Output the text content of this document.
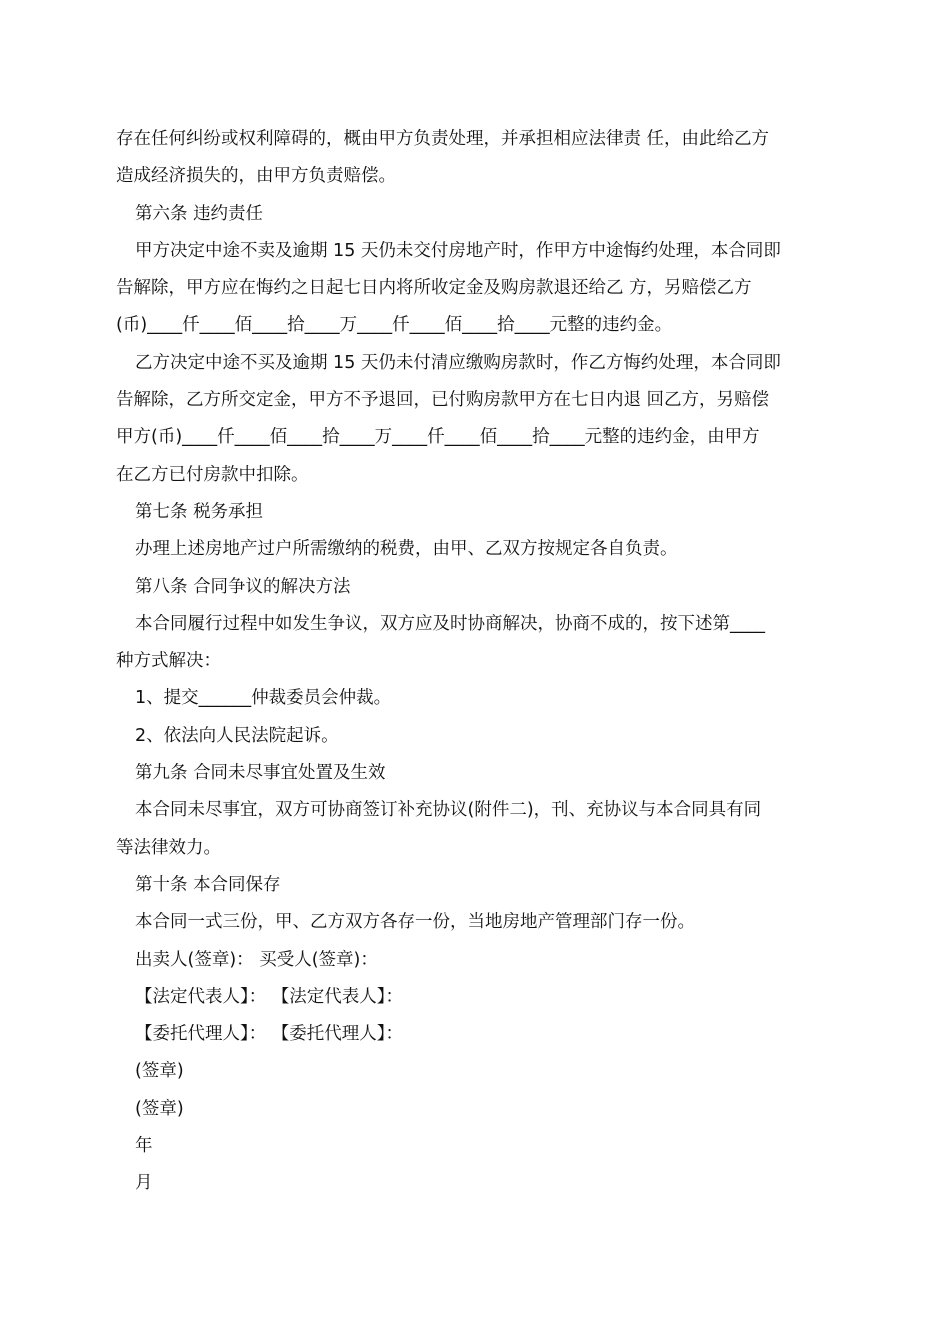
存在任何纠纷或权利障碍的，概由甲方负责处理，并承担相应法律责 任，由此给乙方
造成经济损失的，由甲方负责赔偿。
第六条 违约责任
甲方决定中途不卖及逾期 15 天仍未交付房地产时，作甲方中途悔约处理，本合同即
告解除，甲方应在悔约之日起七日内将所收定金及购房款退还给乙 方，另赔偿乙方
(币)____仟____佰____拾____万____仟____佰____拾____元整的违约金。
乙方决定中途不买及逾期 15 天仍未付清应缴购房款时，作乙方悔约处理，本合同即
告解除，乙方所交定金，甲方不予退回，已付购房款甲方在七日内退 回乙方，另赔偿
甲方(币)____仟____佰____拾____万____仟____佰____拾____元整的违约金，由甲方
在乙方已付房款中扣除。
第七条 税务承担
办理上述房地产过户所需缴纳的税费，由甲、乙双方按规定各自负责。
第八条 合同争议的解决方法
本合同履行过程中如发生争议，双方应及时协商解决，协商不成的，按下述第____
种方式解决：
1、提交______仲裁委员会仲裁。
2、依法向人民法院起诉。
第九条 合同未尽事宜处置及生效
本合同未尽事宜，双方可协商签订补充协议(附件二)，刊、充协议与本合同具有同
等法律效力。
第十条 本合同保存
本合同一式三份，甲、乙方双方各存一份，当地房地产管理部门存一份。
出卖人(签章)： 买受人(签章)：
【法定代表人】： 【法定代表人】：
【委托代理人】： 【委托代理人】：
(签章)
(签章)
年
月
